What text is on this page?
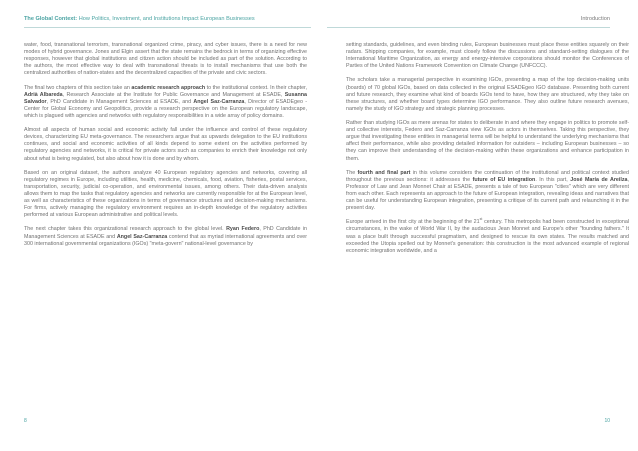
The Global Context: How Politics, Investment, and Institutions Impact European Businesses

water, food, transnational terrorism, transnational organized crime, piracy, and cyber issues, there is a need for new modes of hybrid governance. Jones and Elgin assert that the state remains the bedrock in terms of organizing effective responses, however that global institutions and citizen action should be included as part of the solution. According to the authors, the most effective way to deal with transnational threats is to install mechanisms that use both the centralized authorities of nation-states and the decentralized capacities of the private and civic sectors.

The final two chapters of this section take an academic research approach to the institutional context. In their chapter, Adrià Albareda, Research Associate at the Institute for Public Governance and Management at ESADE, Susanna Salvador, PhD Candidate in Management Sciences at ESADE, and Angel Saz-Carranza, Director of ESADEgeo - Center for Global Economy and Geopolitics, provide a research perspective on the European regulatory landscape, which is plagued with agencies and networks with regulatory responsibilities in a wide array of policy domains.

Almost all aspects of human social and economic activity fall under the influence and control of these regulatory devices, characterizing EU meta-governance. The researchers argue that as upwards delegation to the EU institutions continues, and social and economic activities of all kinds depend to some extent on the activities performed by regulatory agencies and networks, it is critical for private actors such as companies to enrich their knowledge not only about what is being regulated, but also about how it is done and by whom.

Based on an original dataset, the authors analyze 40 European regulatory agencies and networks, covering all regulatory regimes in Europe, including utilities, health, medicine, chemicals, food, aviation, fisheries, postal services, transportation, security, judicial co-operation, and environmental issues, among others. Their data-driven analysis allows them to map the tasks that regulatory agencies and networks are currently responsible for at the European level, as well as characteristics of these organizations in terms of governance structures and decision-making mechanisms. For firms, actively managing the regulatory environment requires an in-depth knowledge of the regulatory activities performed at various European administrative and political levels.

The next chapter takes this organizational research approach to the global level. Ryan Federo, PhD Candidate in Management Sciences at ESADE and Angel Saz-Carranza contend that as myriad international agreements and over 300 international governmental organizations (IGOs) "meta-govern" national-level governance by

8
Introduction

setting standards, guidelines, and even binding rules, European businesses must place these entities squarely on their radars. Shipping companies, for example, must closely follow the discussions and standard-setting dialogues of the International Maritime Organization, as energy and energy-intensive corporations should monitor the Conferences of Parties of the United Nations Framework Convention on Climate Change (UNFCCC).

The scholars take a managerial perspective in examining IGOs, presenting a map of the top decision-making units (boards) of 70 global IGOs, based on data collected in the original ESADEgeo IGO database. Presenting both current and future research, they examine what kind of boards IGOs tend to have, how they are structured, why they take on these structures, and whether board types determine IGO performance. They also outline future research avenues, namely the study of IGO strategy and strategic planning processes.

Rather than studying IGOs as mere arenas for states to deliberate in and where they engage in politics to promote self- and collective interests, Federo and Saz-Carranza view IGOs as actors in themselves. Taking this perspective, they argue that investigating these entities in managerial terms will be helpful to understand the underlying mechanisms that affect their performance, while also providing detailed information for outsiders – including European businesses – so they can improve their understanding of the decision-making within these organizations and enhance participation in them.

The fourth and final part in this volume considers the continuation of the institutional and political context studied throughout the previous sections: it addresses the future of EU integration. In this part, José María de Areilza, Professor of Law and Jean Monnet Chair at ESADE, presents a tale of two European "cities" which are very different from each other. Each represents an approach to the future of European integration, revealing ideas and narratives that can be useful for understanding European integration, presenting a critique of its current path and relaunching it in the present day.

Europe arrived in the first city at the beginning of the 21st century. This metropolis had been constructed in exceptional circumstances, in the wake of World War II, by the audacious Jean Monnet and Europe's other "founding fathers." It was a place built through successful pragmatism, and designed to rescue its own states. The results matched and exceeded the Utopia spelled out by Monnet's generation: this construction is the most advanced example of regional economic integration worldwide, and a

10
